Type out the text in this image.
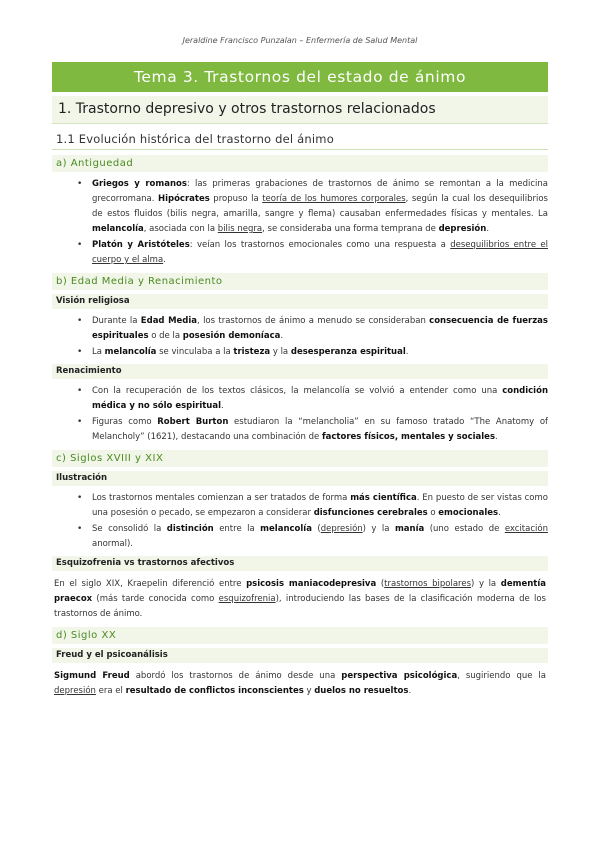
Jeraldine Francisco Punzalan – Enfermería de Salud Mental
Tema 3. Trastornos del estado de ánimo
1. Trastorno depresivo y otros trastornos relacionados
1.1 Evolución histórica del trastorno del ánimo
a) Antiguedad
• Griegos y romanos: las primeras grabaciones de trastornos de ánimo se remontan a la medicina grecorromana. Hipócrates propuso la teoría de los humores corporales, según la cual los desequilibrios de estos fluidos (bilis negra, amarilla, sangre y flema) causaban enfermedades físicas y mentales. La melancolía, asociada con la bilis negra, se consideraba una forma temprana de depresión.
• Platón y Aristóteles: veían los trastornos emocionales como una respuesta a desequilibrios entre el cuerpo y el alma.
b) Edad Media y Renacimiento
Visión religiosa
• Durante la Edad Media, los trastornos de ánimo a menudo se consideraban consecuencia de fuerzas espirituales o de la posesión demoníaca.
• La melancolía se vinculaba a la tristeza y la desesperanza espiritual.
Renacimiento
• Con la recuperación de los textos clásicos, la melancolía se volvió a entender como una condición médica y no sólo espiritual.
• Figuras como Robert Burton estudiaron la “melancholia” en su famoso tratado “The Anatomy of Melancholy” (1621), destacando una combinación de factores físicos, mentales y sociales.
c) Siglos XVIII y XIX
Ilustración
• Los trastornos mentales comienzan a ser tratados de forma más científica. En puesto de ser vistas como una posesión o pecado, se empezaron a considerar disfunciones cerebrales o emocionales.
• Se consolidó la distinción entre la melancolía (depresión) y la manía (uno estado de excitación anormal).
Esquizofrenia vs trastornos afectivos

En el siglo XIX, Kraepelin diferenció entre psicosis maniacodepresiva (trastornos bipolares) y la dementía praecox (más tarde conocida como esquizofrenia), introduciendo las bases de la clasificación moderna de los trastornos de ánimo.

d) Siglo XX
Freud y el psicoanálisis

Sigmund Freud abordó los trastornos de ánimo desde una perspectiva psicológica, sugiriendo que la depresión era el resultado de conflictos inconscientes y duelos no resueltos.
